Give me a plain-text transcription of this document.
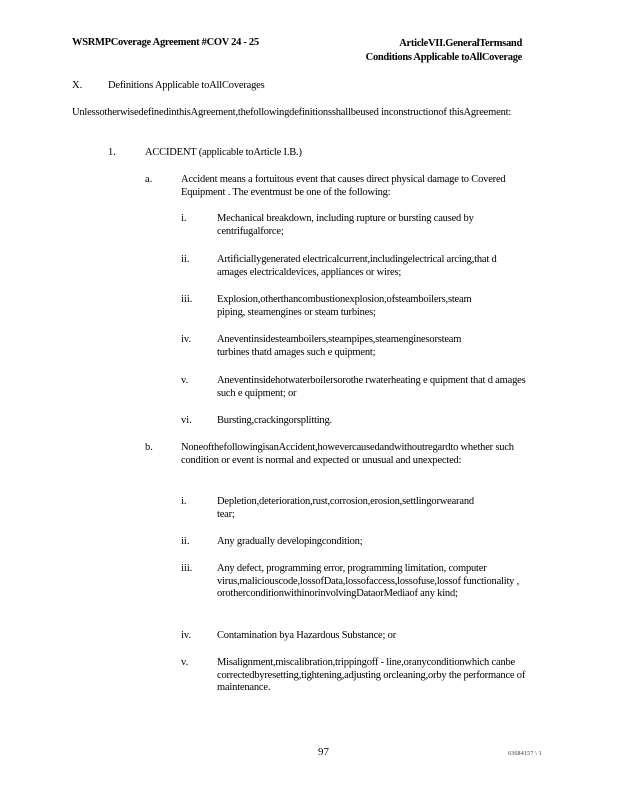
WSRMPCoverage Agreement #COV 24 - 25	ArticleVII.GeneralTermsand
Conditions Applicable toAllCoverage
X. Definitions Applicable toAllCoverages
UnlessotherwisedefinedinthisAgreement,thefollowingdefinitionsshallbeused inconstructionof thisAgreement:
1.	ACCIDENT (applicable toArticle I.B.)
a.	Accident means a fortuitous event that causes direct physical damage to Covered Equipment . The eventmust be one of the following:
i.	Mechanical breakdown, including rupture or bursting caused by centrifugalforce;
ii.	Artificiallygenerated electricalcurrent,includingelectrical arcing,that d amages electricaldevices, appliances or wires;
iii. Explosion,otherthancombustionexplosion,ofsteamboilers,steam piping, steamengines or steam turbines;
iv. Aneventinsidesteamboilers,steampipes,steamenginesorsteam turbines thatd amages such e quipment;
v.	Aneventinsidehotwaterboilersorothe rwaterheating e quipment that d amages such e quipment; or
vi. Bursting,crackingorsplitting.
b.	NoneofthefollowingisanAccident,howevercausedandwithoutregardto whether such condition or event is normal and expected or unusual and unexpected:
i.	Depletion,deterioration,rust,corrosion,erosion,settlingorwearand tear;
ii.	Any gradually developingcondition;
iii. Any defect, programming error, programming limitation, computer virus,maliciouscode,lossofData,lossofaccess,lossofuse,lossof functionality , orotherconditionwithinorinvolvingDataorMediaof any kind;
iv. Contamination bya Hazardous Substance; or
v.	Misalignment,miscalibration,trippingoff - line,oranyconditionwhich canbe correctedbyresetting,tightening,adjusting orcleaning,orby the performance of maintenance.
97	63684157 \ 1
